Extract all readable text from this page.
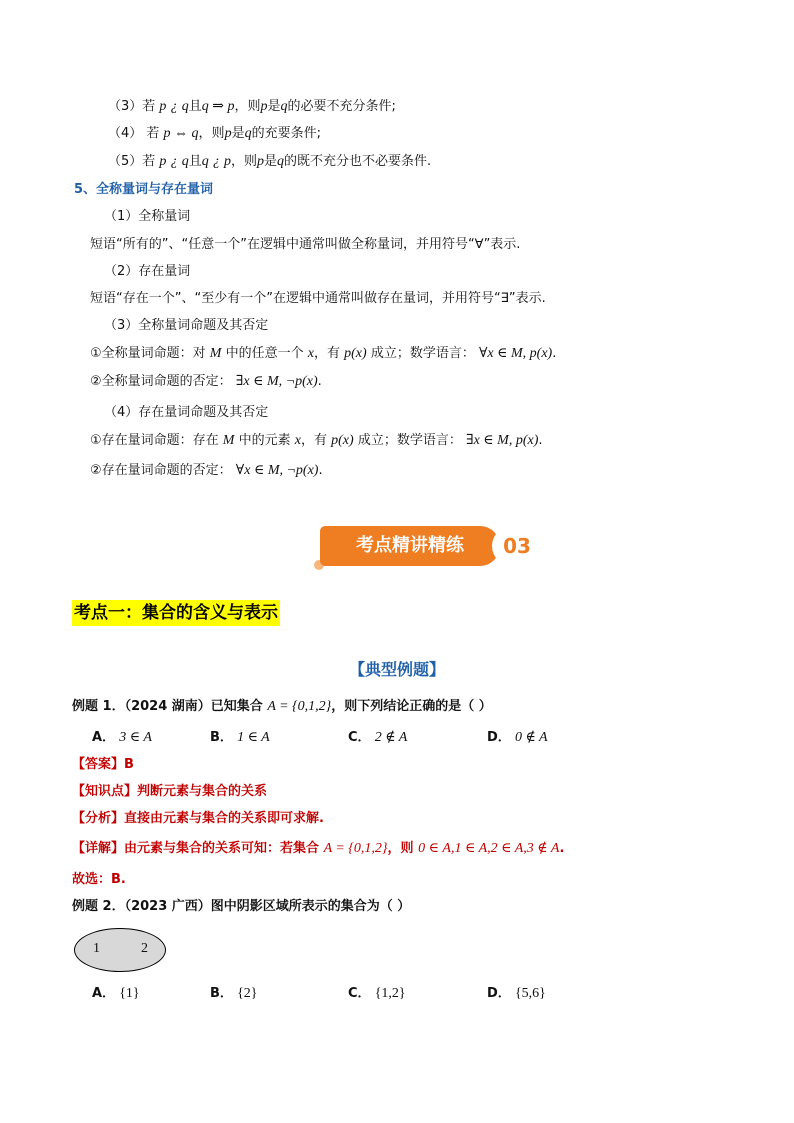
（3）若 p ¿ q且q ⇒ p，则p是q的必要不充分条件;
（4） 若 p ⇔ q，则p是q的充要条件;
（5）若 p ¿ q且q ¿ p，则p是q的既不充分也不必要条件.
5、全称量词与存在量词
（1）全称量词
短语“所有的”、“任意一个”在逻辑中通常叫做全称量词，并用符号“∀”表示.
（2）存在量词
短语“存在一个”、“至少有一个”在逻辑中通常叫做存在量词，并用符号“∃”表示.
（3）全称量词命题及其否定
①全称量词命题：对 M 中的任意一个 x，有 p(x) 成立；数学语言： ∀x ∈ M, p(x).
②全称量词命题的否定： ∃x ∈ M, ¬p(x).
（4）存在量词命题及其否定
①存在量词命题：存在 M 中的元素 x，有 p(x) 成立；数学语言： ∃x ∈ M, p(x).
②存在量词命题的否定： ∀x ∈ M, ¬p(x).
考点精讲精练	03
考点一：集合的含义与表示
【典型例题】
例题 1．（2024 湖南）已知集合 A = {0,1,2}，则下列结论正确的是（ ）
A． 3 ∈ A	B． 1 ∈ A	C． 2 ∉ A	D． 0 ∉ A
【答案】B
【知识点】判断元素与集合的关系
【分析】直接由元素与集合的关系即可求解.
【详解】由元素与集合的关系可知：若集合 A = {0,1,2}，则 0 ∈ A,1 ∈ A,2 ∈ A,3 ∉ A.
故选：B.
例题 2．（2023 广西）图中阴影区域所表示的集合为（ ）
1	2
A． {1}	B． {2}	C． {1,2}	D． {5,6}
